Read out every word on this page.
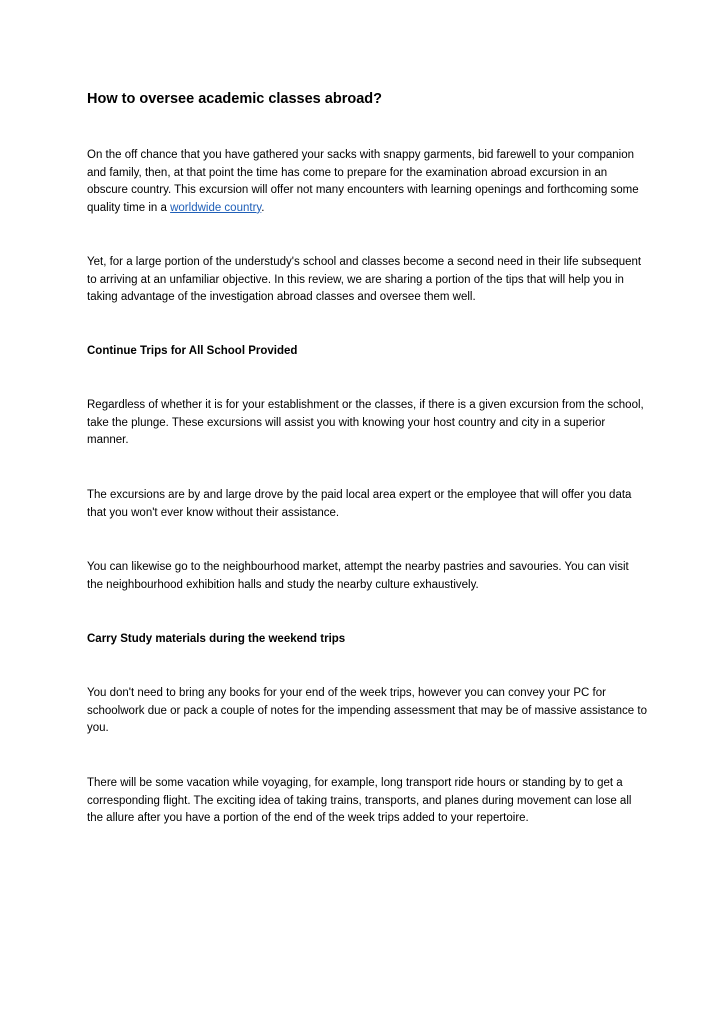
How to oversee academic classes abroad?

On the off chance that you have gathered your sacks with snappy garments, bid farewell to your companion and family, then, at that point the time has come to prepare for the examination abroad excursion in an obscure country. This excursion will offer not many encounters with learning openings and forthcoming some quality time in a worldwide country.

Yet, for a large portion of the understudy's school and classes become a second need in their life subsequent to arriving at an unfamiliar objective. In this review, we are sharing a portion of the tips that will help you in taking advantage of the investigation abroad classes and oversee them well.

Continue Trips for All School Provided

Regardless of whether it is for your establishment or the classes, if there is a given excursion from the school, take the plunge. These excursions will assist you with knowing your host country and city in a superior manner.

The excursions are by and large drove by the paid local area expert or the employee that will offer you data that you won't ever know without their assistance.

You can likewise go to the neighbourhood market, attempt the nearby pastries and savouries. You can visit the neighbourhood exhibition halls and study the nearby culture exhaustively.

Carry Study materials during the weekend trips

You don't need to bring any books for your end of the week trips, however you can convey your PC for schoolwork due or pack a couple of notes for the impending assessment that may be of massive assistance to you.

There will be some vacation while voyaging, for example, long transport ride hours or standing by to get a corresponding flight. The exciting idea of taking trains, transports, and planes during movement can lose all the allure after you have a portion of the end of the week trips added to your repertoire.
